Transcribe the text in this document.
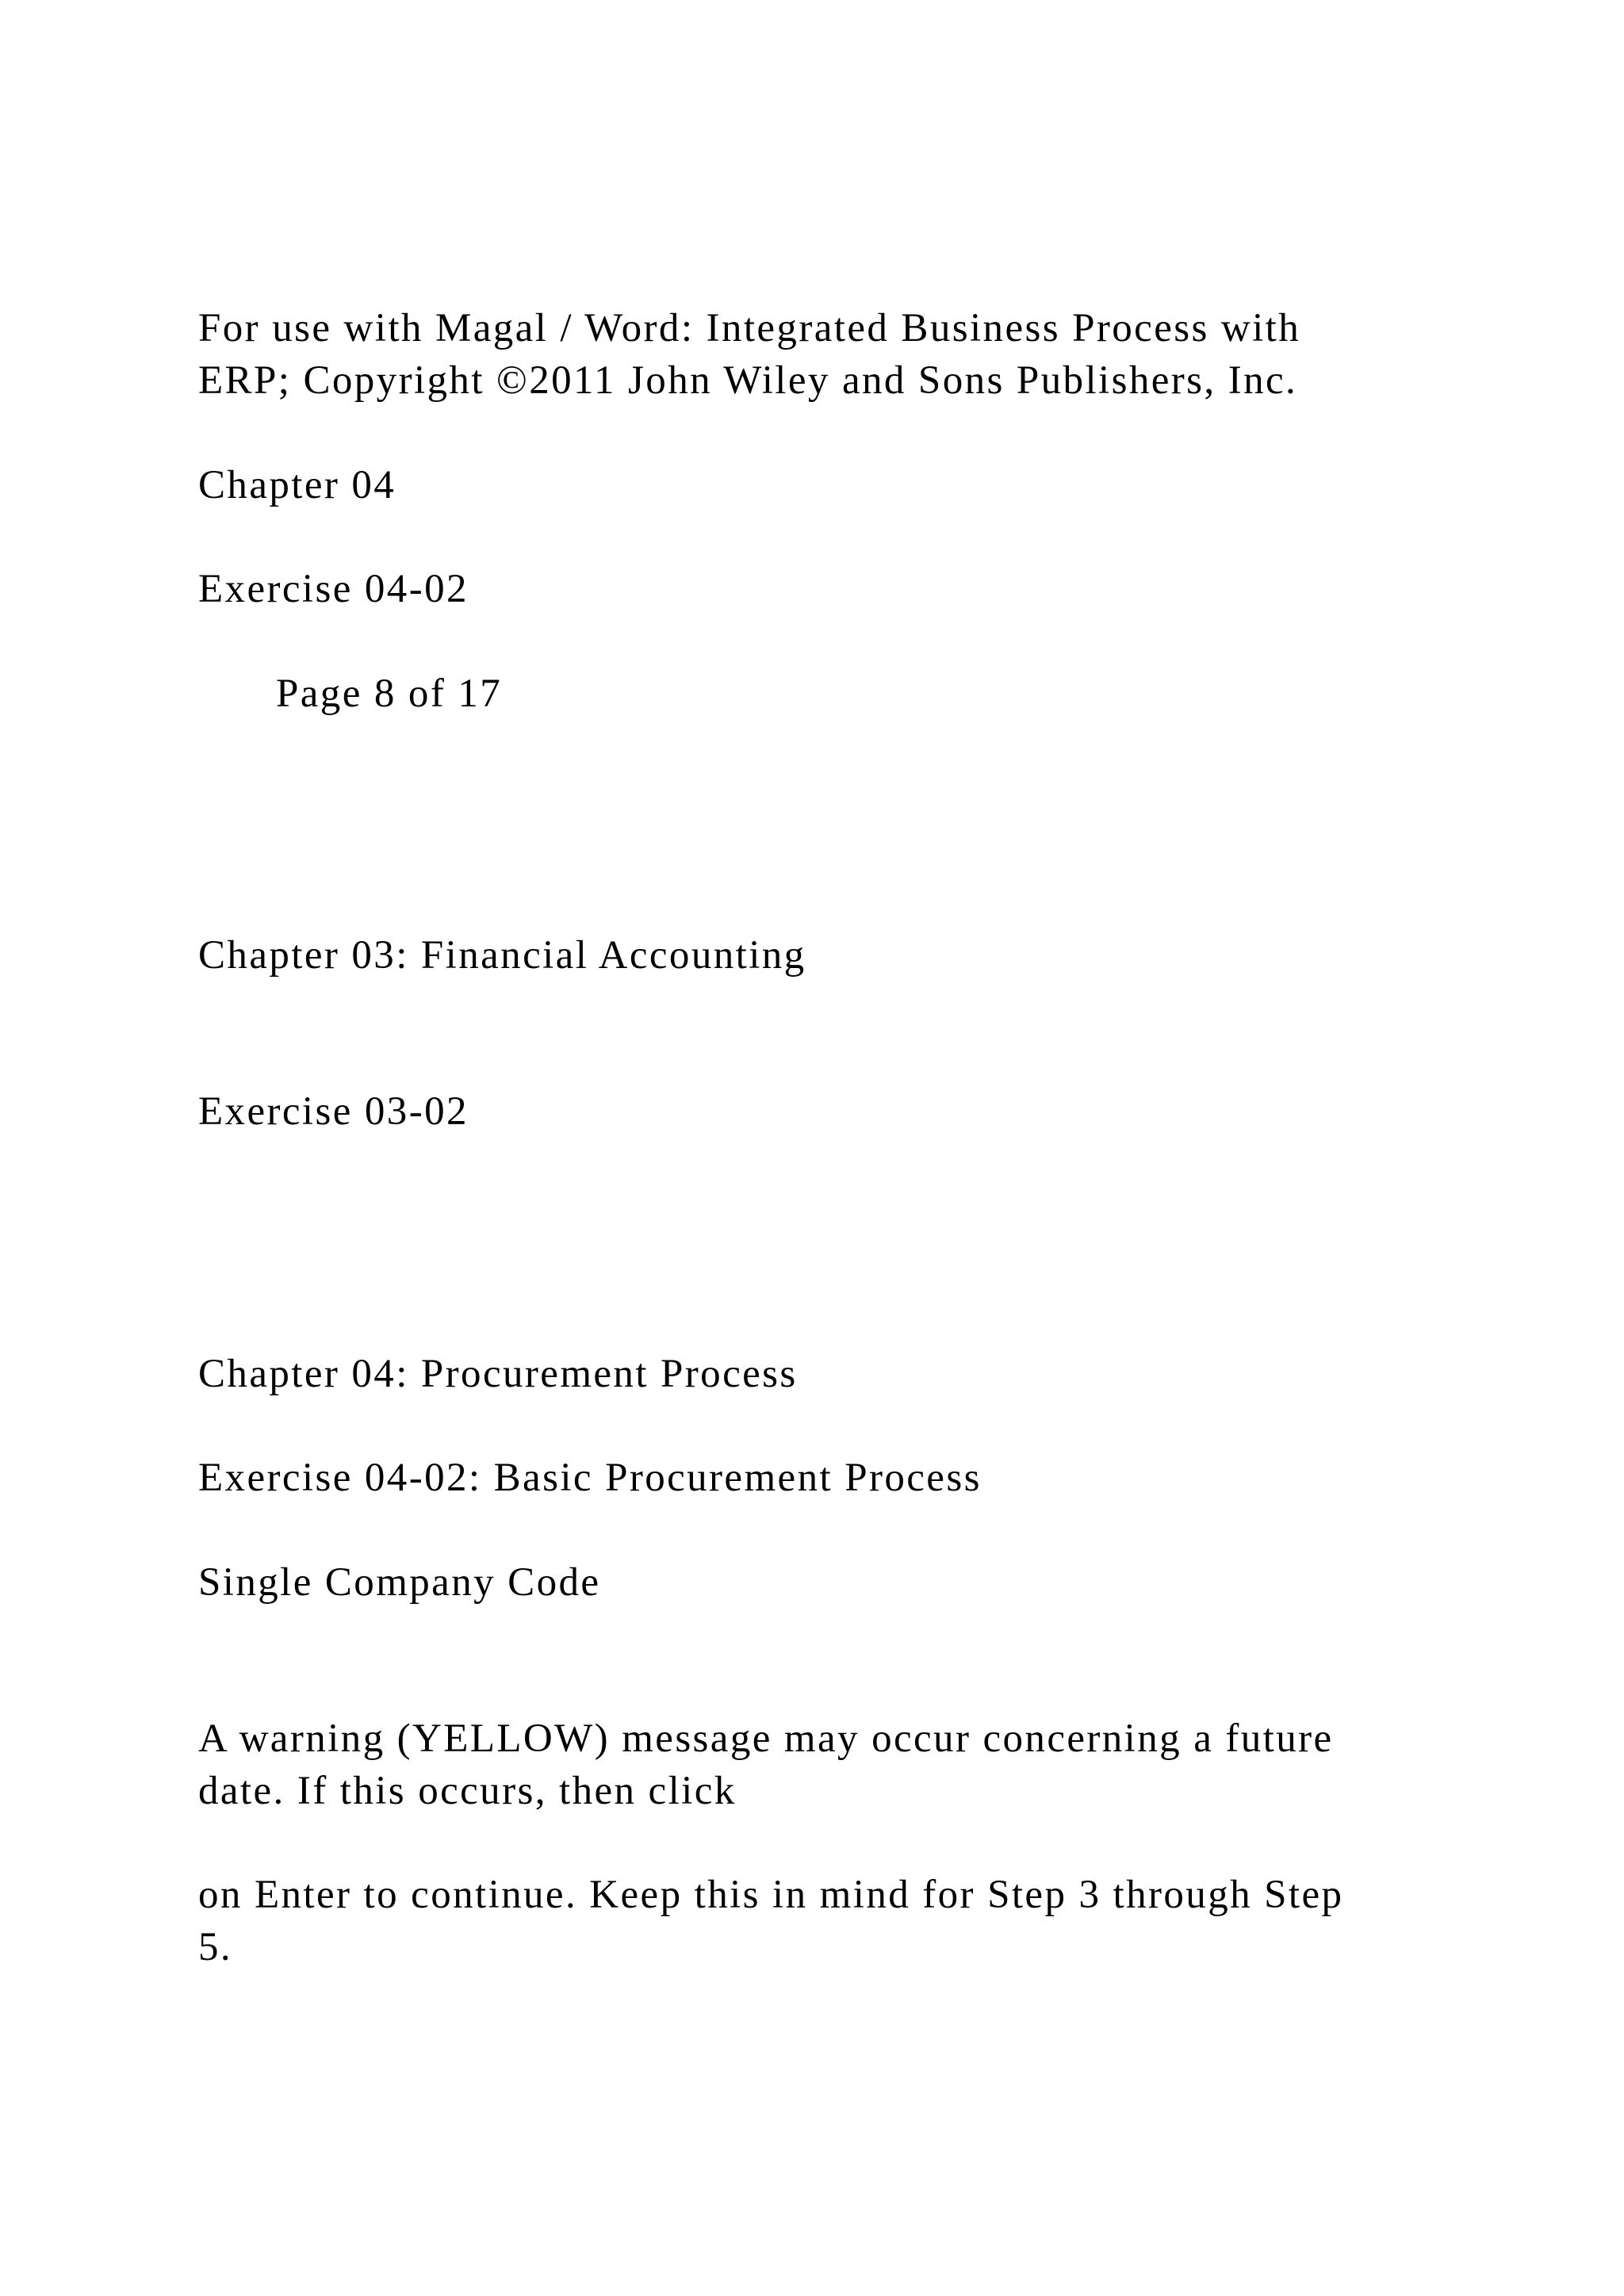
For use with Magal / Word: Integrated Business Process with

ERP; Copyright ©2011 John Wiley and Sons Publishers, Inc.

Chapter 04

Exercise 04-02

Page 8 of 17

Chapter 03: Financial Accounting

Exercise 03-02

Chapter 04: Procurement Process

Exercise 04-02: Basic Procurement Process

Single Company Code

A warning (YELLOW) message may occur concerning a future

date. If this occurs, then click

on Enter to continue. Keep this in mind for Step 3 through Step

5.
